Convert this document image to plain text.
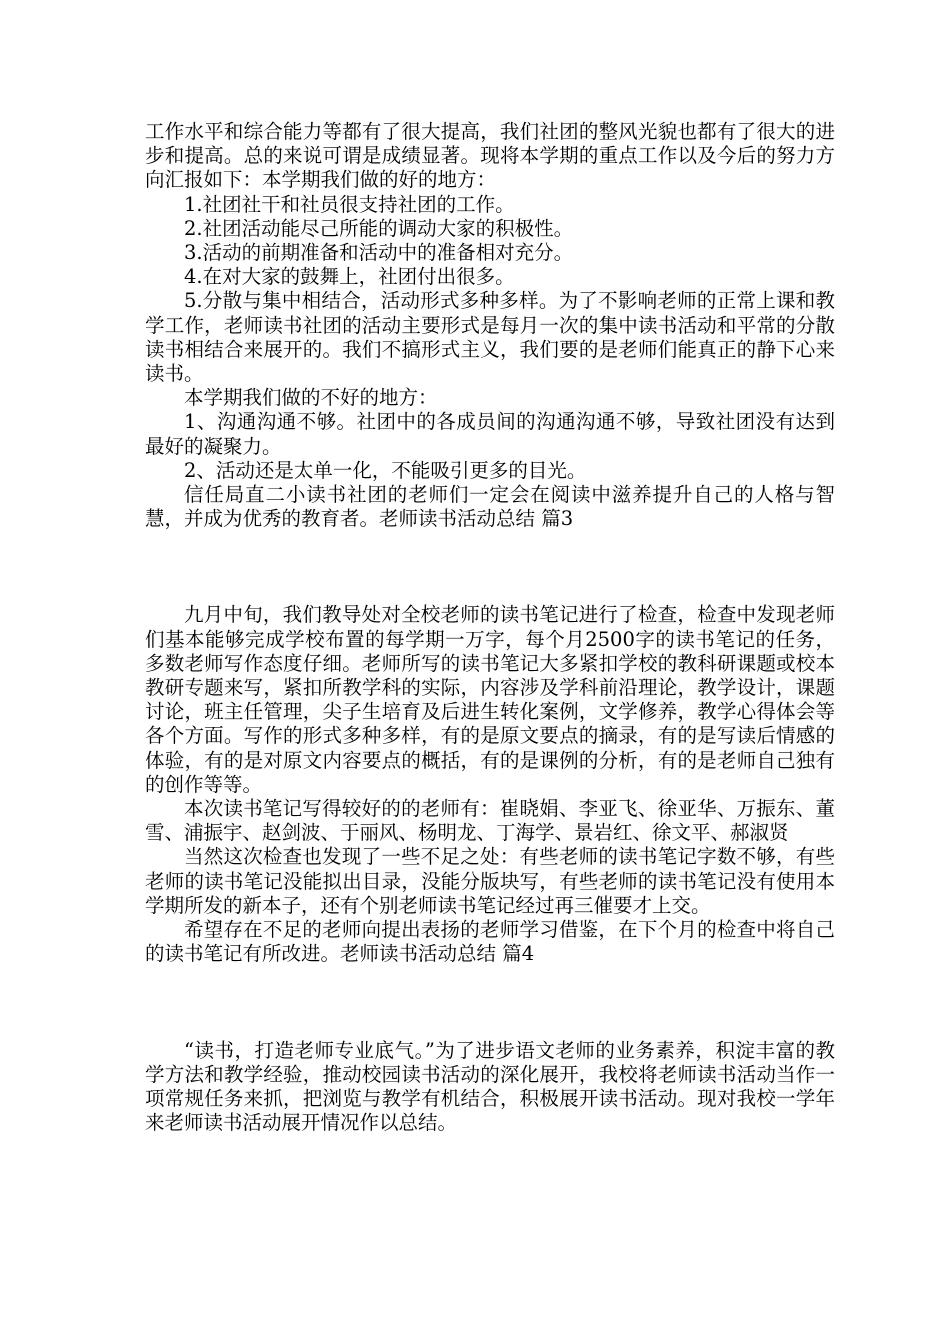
工作水平和综合能力等都有了很大提高，我们社团的整风光貌也都有了很大的进步和提高。总的来说可谓是成绩显著。现将本学期的重点工作以及今后的努力方向汇报如下：本学期我们做的好的地方：

1.社团社干和社员很支持社团的工作。

2.社团活动能尽己所能的调动大家的积极性。

3.活动的前期准备和活动中的准备相对充分。

4.在对大家的鼓舞上，社团付出很多。

5.分散与集中相结合，活动形式多种多样。为了不影响老师的正常上课和教学工作，老师读书社团的活动主要形式是每月一次的集中读书活动和平常的分散读书相结合来展开的。我们不搞形式主义，我们要的是老师们能真正的静下心来读书。

本学期我们做的不好的地方：

1、沟通沟通不够。社团中的各成员间的沟通沟通不够，导致社团没有达到最好的凝聚力。

2、活动还是太单一化，不能吸引更多的目光。

信任局直二小读书社团的老师们一定会在阅读中滋养提升自己的人格与智慧，并成为优秀的教育者。老师读书活动总结 篇3

九月中旬，我们教导处对全校老师的读书笔记进行了检查，检查中发现老师们基本能够完成学校布置的每学期一万字，每个月2500字的读书笔记的任务，多数老师写作态度仔细。老师所写的读书笔记大多紧扣学校的教科研课题或校本教研专题来写，紧扣所教学科的实际，内容涉及学科前沿理论，教学设计，课题讨论，班主任管理，尖子生培育及后进生转化案例，文学修养，教学心得体会等各个方面。写作的形式多种多样，有的是原文要点的摘录，有的是写读后情感的体验，有的是对原文内容要点的概括，有的是课例的分析，有的是老师自己独有的创作等等。

本次读书笔记写得较好的的老师有：崔晓娟、李亚飞、徐亚华、万振东、董雪、浦振宇、赵剑波、于丽风、杨明龙、丁海学、景岩红、徐文平、郝淑贤

当然这次检查也发现了一些不足之处：有些老师的读书笔记字数不够，有些老师的读书笔记没能拟出目录，没能分版块写，有些老师的读书笔记没有使用本学期所发的新本子，还有个别老师读书笔记经过再三催要才上交。

希望存在不足的老师向提出表扬的老师学习借鉴，在下个月的检查中将自己的读书笔记有所改进。老师读书活动总结 篇4

“读书，打造老师专业底气。”为了进步语文老师的业务素养，积淀丰富的教学方法和教学经验，推动校园读书活动的深化展开，我校将老师读书活动当作一项常规任务来抓，把浏览与教学有机结合，积极展开读书活动。现对我校一学年来老师读书活动展开情况作以总结。
